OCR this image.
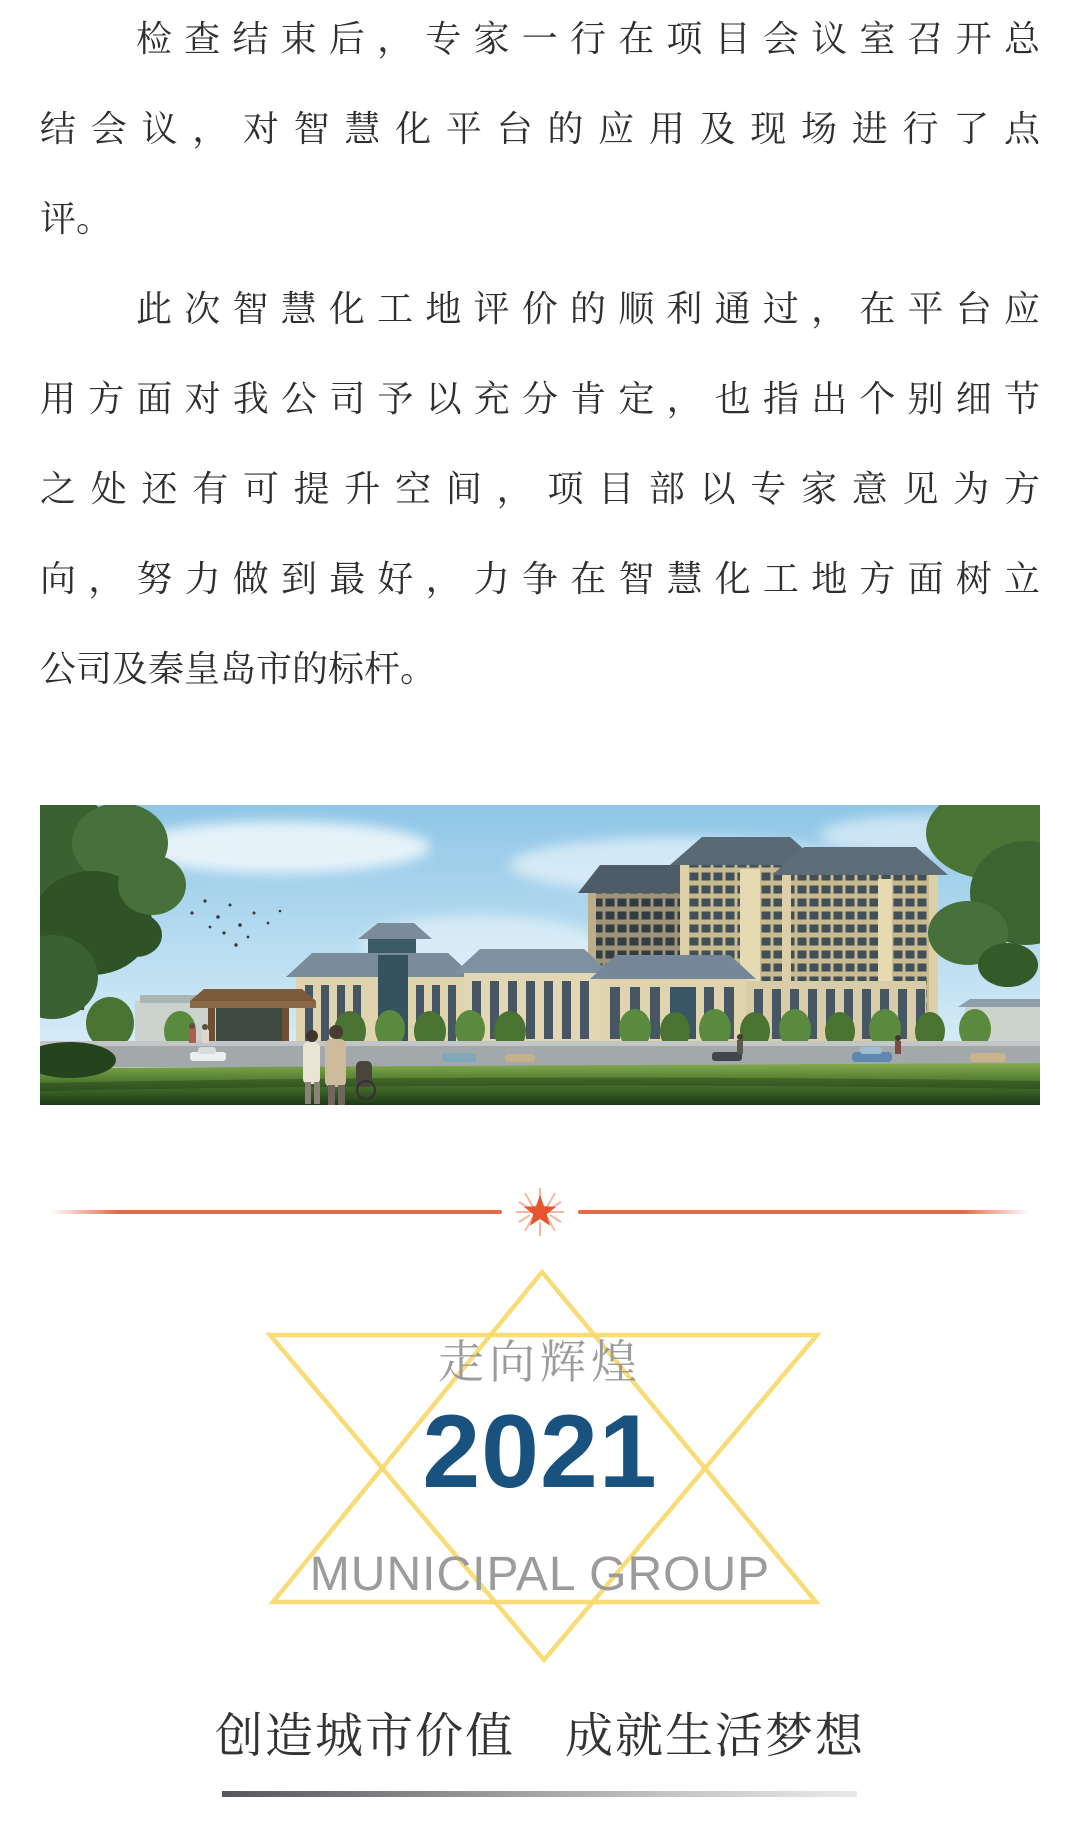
检查结束后，专家一行在项目会议室召开总
结会议，对智慧化平台的应用及现场进行了点
评。
此次智慧化工地评价的顺利通过，在平台应
用方面对我公司予以充分肯定，也指出个别细节
之处还有可提升空间，项目部以专家意见为方
向，努力做到最好，力争在智慧化工地方面树立
公司及秦皇岛市的标杆。
走向辉煌
2021
MUNICIPAL GROUP
创造城市价值　成就生活梦想
